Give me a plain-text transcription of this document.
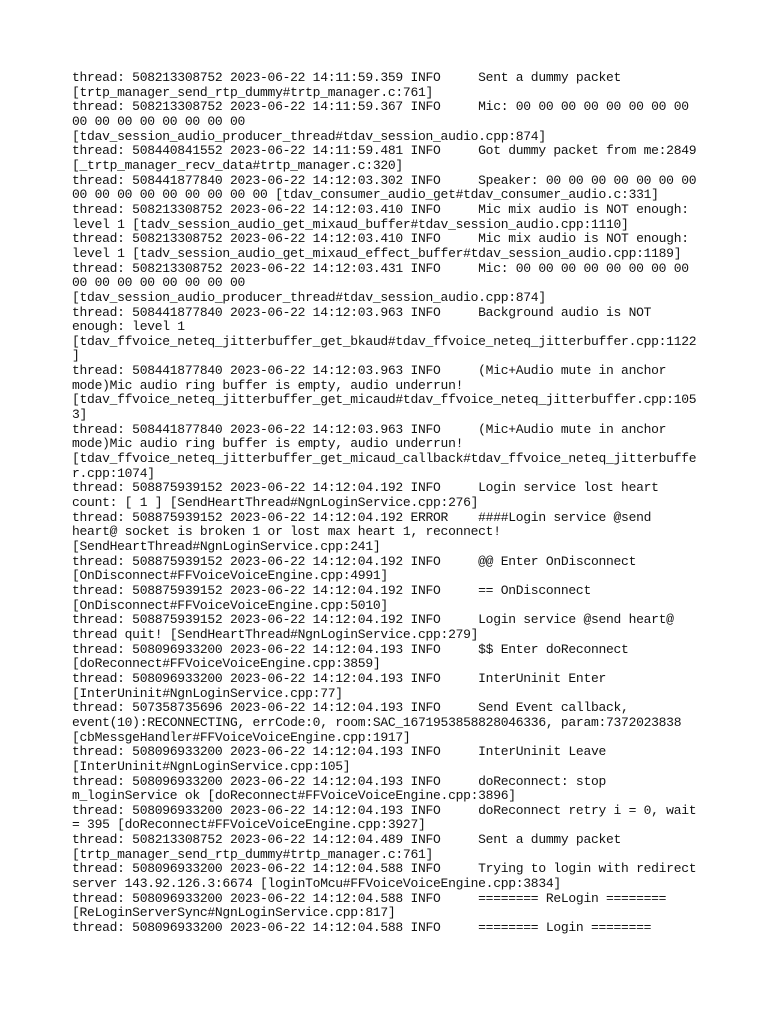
thread: 508213308752 2023-06-22 14:11:59.359 INFO     Sent a dummy packet
[trtp_manager_send_rtp_dummy#trtp_manager.c:761]
thread: 508213308752 2023-06-22 14:11:59.367 INFO     Mic: 00 00 00 00 00 00 00 00
00 00 00 00 00 00 00 00
[tdav_session_audio_producer_thread#tdav_session_audio.cpp:874]
thread: 508440841552 2023-06-22 14:11:59.481 INFO     Got dummy packet from me:2849
[_trtp_manager_recv_data#trtp_manager.c:320]
thread: 508441877840 2023-06-22 14:12:03.302 INFO     Speaker: 00 00 00 00 00 00 00
00 00 00 00 00 00 00 00 00 [tdav_consumer_audio_get#tdav_consumer_audio.c:331]
thread: 508213308752 2023-06-22 14:12:03.410 INFO     Mic mix audio is NOT enough:
level 1 [tadv_session_audio_get_mixaud_buffer#tdav_session_audio.cpp:1110]
thread: 508213308752 2023-06-22 14:12:03.410 INFO     Mic mix audio is NOT enough:
level 1 [tadv_session_audio_get_mixaud_effect_buffer#tdav_session_audio.cpp:1189]
thread: 508213308752 2023-06-22 14:12:03.431 INFO     Mic: 00 00 00 00 00 00 00 00
00 00 00 00 00 00 00 00
[tdav_session_audio_producer_thread#tdav_session_audio.cpp:874]
thread: 508441877840 2023-06-22 14:12:03.963 INFO     Background audio is NOT
enough: level 1
[tdav_ffvoice_neteq_jitterbuffer_get_bkaud#tdav_ffvoice_neteq_jitterbuffer.cpp:1122
]
thread: 508441877840 2023-06-22 14:12:03.963 INFO     (Mic+Audio mute in anchor
mode)Mic audio ring buffer is empty, audio underrun!
[tdav_ffvoice_neteq_jitterbuffer_get_micaud#tdav_ffvoice_neteq_jitterbuffer.cpp:105
3]
thread: 508441877840 2023-06-22 14:12:03.963 INFO     (Mic+Audio mute in anchor
mode)Mic audio ring buffer is empty, audio underrun!
[tdav_ffvoice_neteq_jitterbuffer_get_micaud_callback#tdav_ffvoice_neteq_jitterbuffe
r.cpp:1074]
thread: 508875939152 2023-06-22 14:12:04.192 INFO     Login service lost heart
count: [ 1 ] [SendHeartThread#NgnLoginService.cpp:276]
thread: 508875939152 2023-06-22 14:12:04.192 ERROR    ####Login service @send
heart@ socket is broken 1 or lost max heart 1, reconnect!
[SendHeartThread#NgnLoginService.cpp:241]
thread: 508875939152 2023-06-22 14:12:04.192 INFO     @@ Enter OnDisconnect
[OnDisconnect#FFVoiceVoiceEngine.cpp:4991]
thread: 508875939152 2023-06-22 14:12:04.192 INFO     == OnDisconnect
[OnDisconnect#FFVoiceVoiceEngine.cpp:5010]
thread: 508875939152 2023-06-22 14:12:04.192 INFO     Login service @send heart@
thread quit! [SendHeartThread#NgnLoginService.cpp:279]
thread: 508096933200 2023-06-22 14:12:04.193 INFO     $$ Enter doReconnect
[doReconnect#FFVoiceVoiceEngine.cpp:3859]
thread: 508096933200 2023-06-22 14:12:04.193 INFO     InterUninit Enter
[InterUninit#NgnLoginService.cpp:77]
thread: 507358735696 2023-06-22 14:12:04.193 INFO     Send Event callback,
event(10):RECONNECTING, errCode:0, room:SAC_1671953858828046336, param:7372023838
[cbMessgeHandler#FFVoiceVoiceEngine.cpp:1917]
thread: 508096933200 2023-06-22 14:12:04.193 INFO     InterUninit Leave
[InterUninit#NgnLoginService.cpp:105]
thread: 508096933200 2023-06-22 14:12:04.193 INFO     doReconnect: stop
m_loginService ok [doReconnect#FFVoiceVoiceEngine.cpp:3896]
thread: 508096933200 2023-06-22 14:12:04.193 INFO     doReconnect retry i = 0, wait
= 395 [doReconnect#FFVoiceVoiceEngine.cpp:3927]
thread: 508213308752 2023-06-22 14:12:04.489 INFO     Sent a dummy packet
[trtp_manager_send_rtp_dummy#trtp_manager.c:761]
thread: 508096933200 2023-06-22 14:12:04.588 INFO     Trying to login with redirect
server 143.92.126.3:6674 [loginToMcu#FFVoiceVoiceEngine.cpp:3834]
thread: 508096933200 2023-06-22 14:12:04.588 INFO     ======== ReLogin ========
[ReLoginServerSync#NgnLoginService.cpp:817]
thread: 508096933200 2023-06-22 14:12:04.588 INFO     ======== Login ========
